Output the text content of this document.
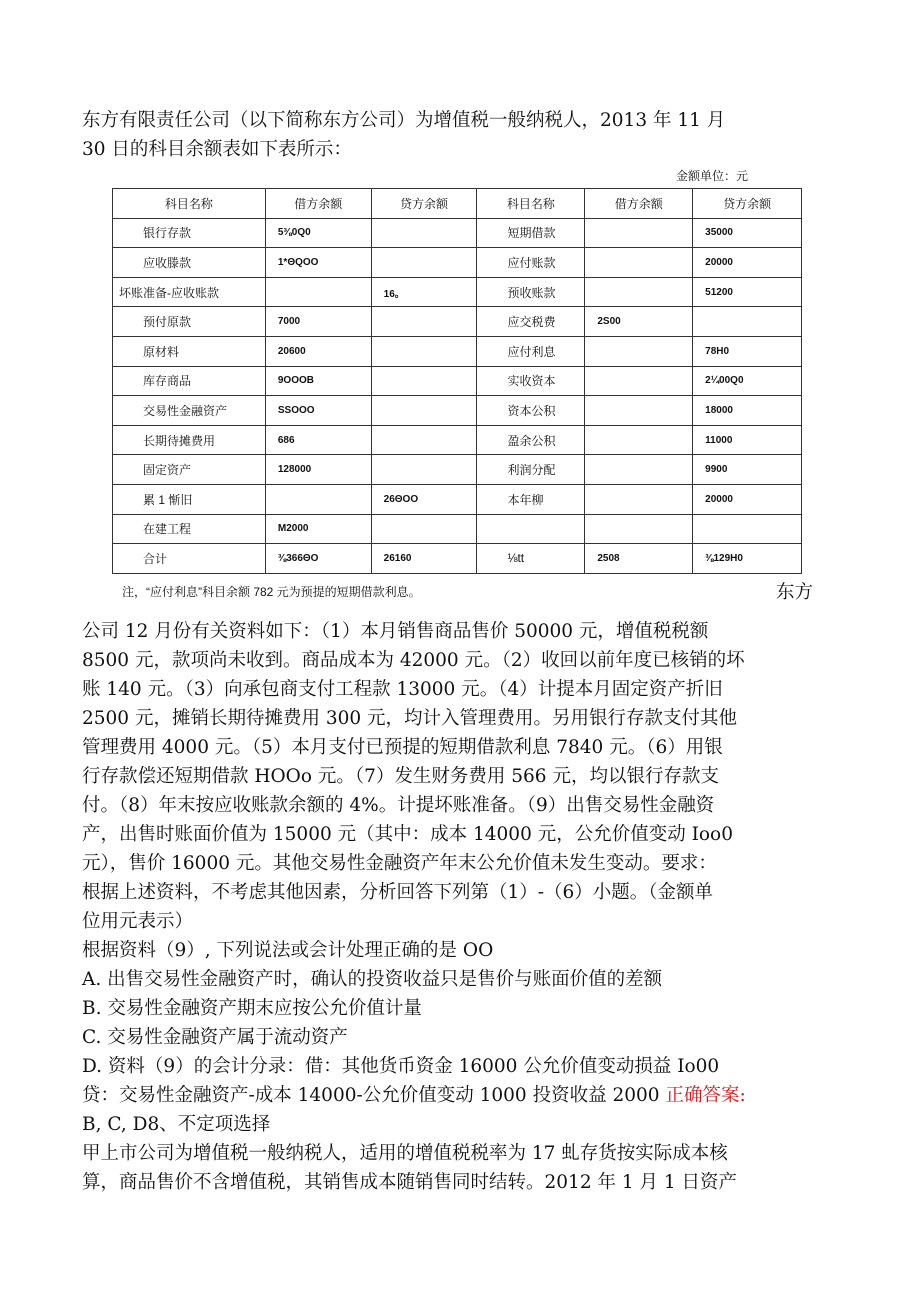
东方有限责任公司（以下简称东方公司）为增值税一般纳税人，2013 年 11 月
30 日的科目余额表如下表所示：
金额单位：元
科目名称	借方余额	贷方余额	科目名称	借方余额	贷方余额
银行存款	5⅜0Q0		短期借款		35000
应收滕款	1*ΘQOO		应付账款		20000
坏账准备-应收账款		16。	预收账款		51200
预付原款	7000		应交税费	2S00	
原材料	20600		应付利息		78H0
库存商品	9OOOB		实收资本		2¼00Q0
交易性金融资产	SSOOO		资本公积		18000
长期待摊费用	686		盈余公积		11000
固定资产	128000		利润分配		9900
累 1 惭旧		26ΘOO	本年柳		20000
在建工程	M2000				
合计	⅜366ΘO	26160	⅛tt	2508	⅜129H0
注，“应付利息”科目余额 782 元为预提的短期借款利息。	东方
公司 12 月份有关资料如下：（1）本月销售商品售价 50000 元，增值税税额
8500 元，款项尚未收到。商品成本为 42000 元。（2）收回以前年度已核销的坏
账 140 元。（3）向承包商支付工程款 13000 元。（4）计提本月固定资产折旧
2500 元，摊销长期待摊费用 300 元，均计入管理费用。另用银行存款支付其他
管理费用 4000 元。（5）本月支付已预提的短期借款利息 7840 元。（6）用银
行存款偿还短期借款 HOOo 元。（7）发生财务费用 566 元，均以银行存款支
付。（8）年末按应收账款余额的 4%。计提坏账准备。（9）出售交易性金融资
产，出售时账面价值为 15000 元（其中：成本 14000 元，公允价值变动 Ioo0
元），售价 16000 元。其他交易性金融资产年末公允价值未发生变动。要求：
根据上述资料，不考虑其他因素，分析回答下列第（1）-（6）小题。（金额单
位用元表示）
根据资料（9）, 下列说法或会计处理正确的是 OO
A. 出售交易性金融资产时，确认的投资收益只是售价与账面价值的差额
B. 交易性金融资产期末应按公允价值计量
C. 交易性金融资产属于流动资产
D. 资料（9）的会计分录：借：其他货币资金 16000 公允价值变动损益 Io00
贷：交易性金融资产-成本 14000-公允价值变动 1000 投资收益 2000 正确答案:
B, C, D8、不定项选择
甲上市公司为增值税一般纳税人，适用的增值税税率为 17 虬存货按实际成本核
算，商品售价不含增值税，其销售成本随销售同时结转。2012 年 1 月 1 日资产
